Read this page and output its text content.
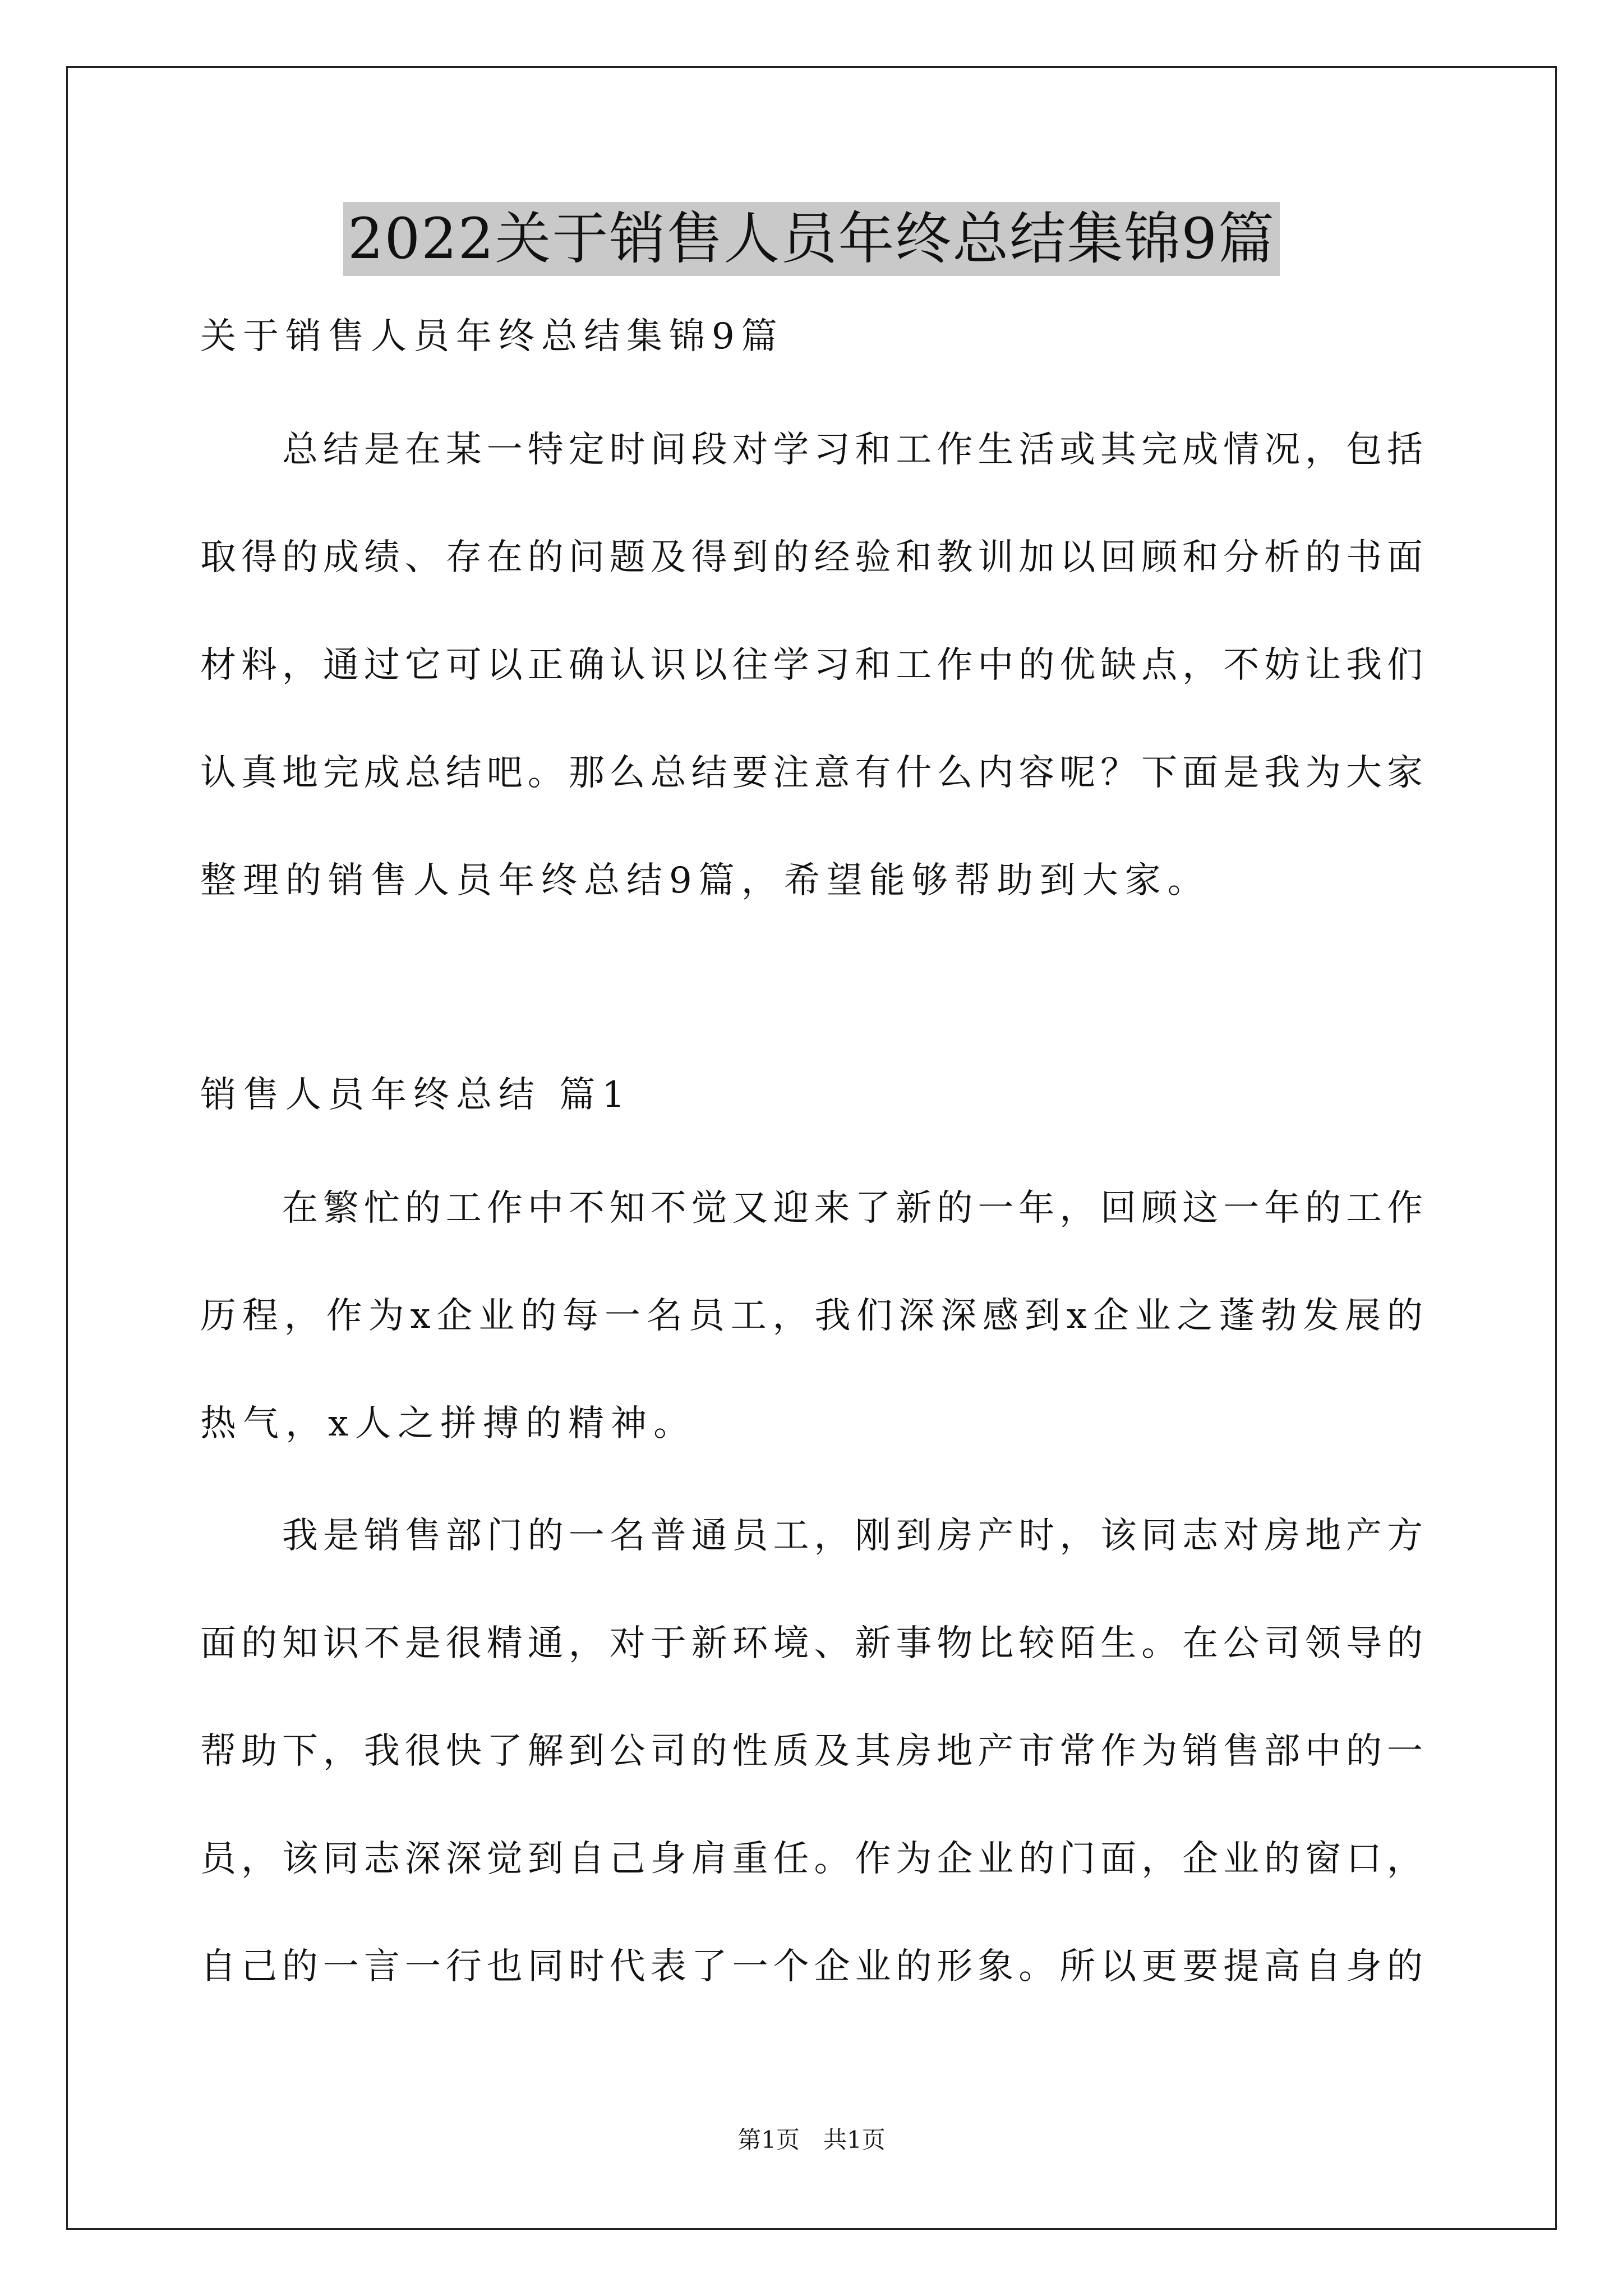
2022关于销售人员年终总结集锦9篇
关于销售人员年终总结集锦9篇
　　总结是在某一特定时间段对学习和工作生活或其完成情况，包括
取得的成绩、存在的问题及得到的经验和教训加以回顾和分析的书面
材料，通过它可以正确认识以往学习和工作中的优缺点，不妨让我们
认真地完成总结吧。那么总结要注意有什么内容呢？下面是我为大家
整理的销售人员年终总结9篇，希望能够帮助到大家。
销售人员年终总结 篇1
　　在繁忙的工作中不知不觉又迎来了新的一年，回顾这一年的工作
历程，作为x企业的每一名员工，我们深深感到x企业之蓬勃发展的
热气，x人之拼搏的精神。
　　我是销售部门的一名普通员工，刚到房产时，该同志对房地产方
面的知识不是很精通，对于新环境、新事物比较陌生。在公司领导的
帮助下，我很快了解到公司的性质及其房地产市常作为销售部中的一
员，该同志深深觉到自己身肩重任。作为企业的门面，企业的窗口，
自己的一言一行也同时代表了一个企业的形象。所以更要提高自身的
第1页　共1页
